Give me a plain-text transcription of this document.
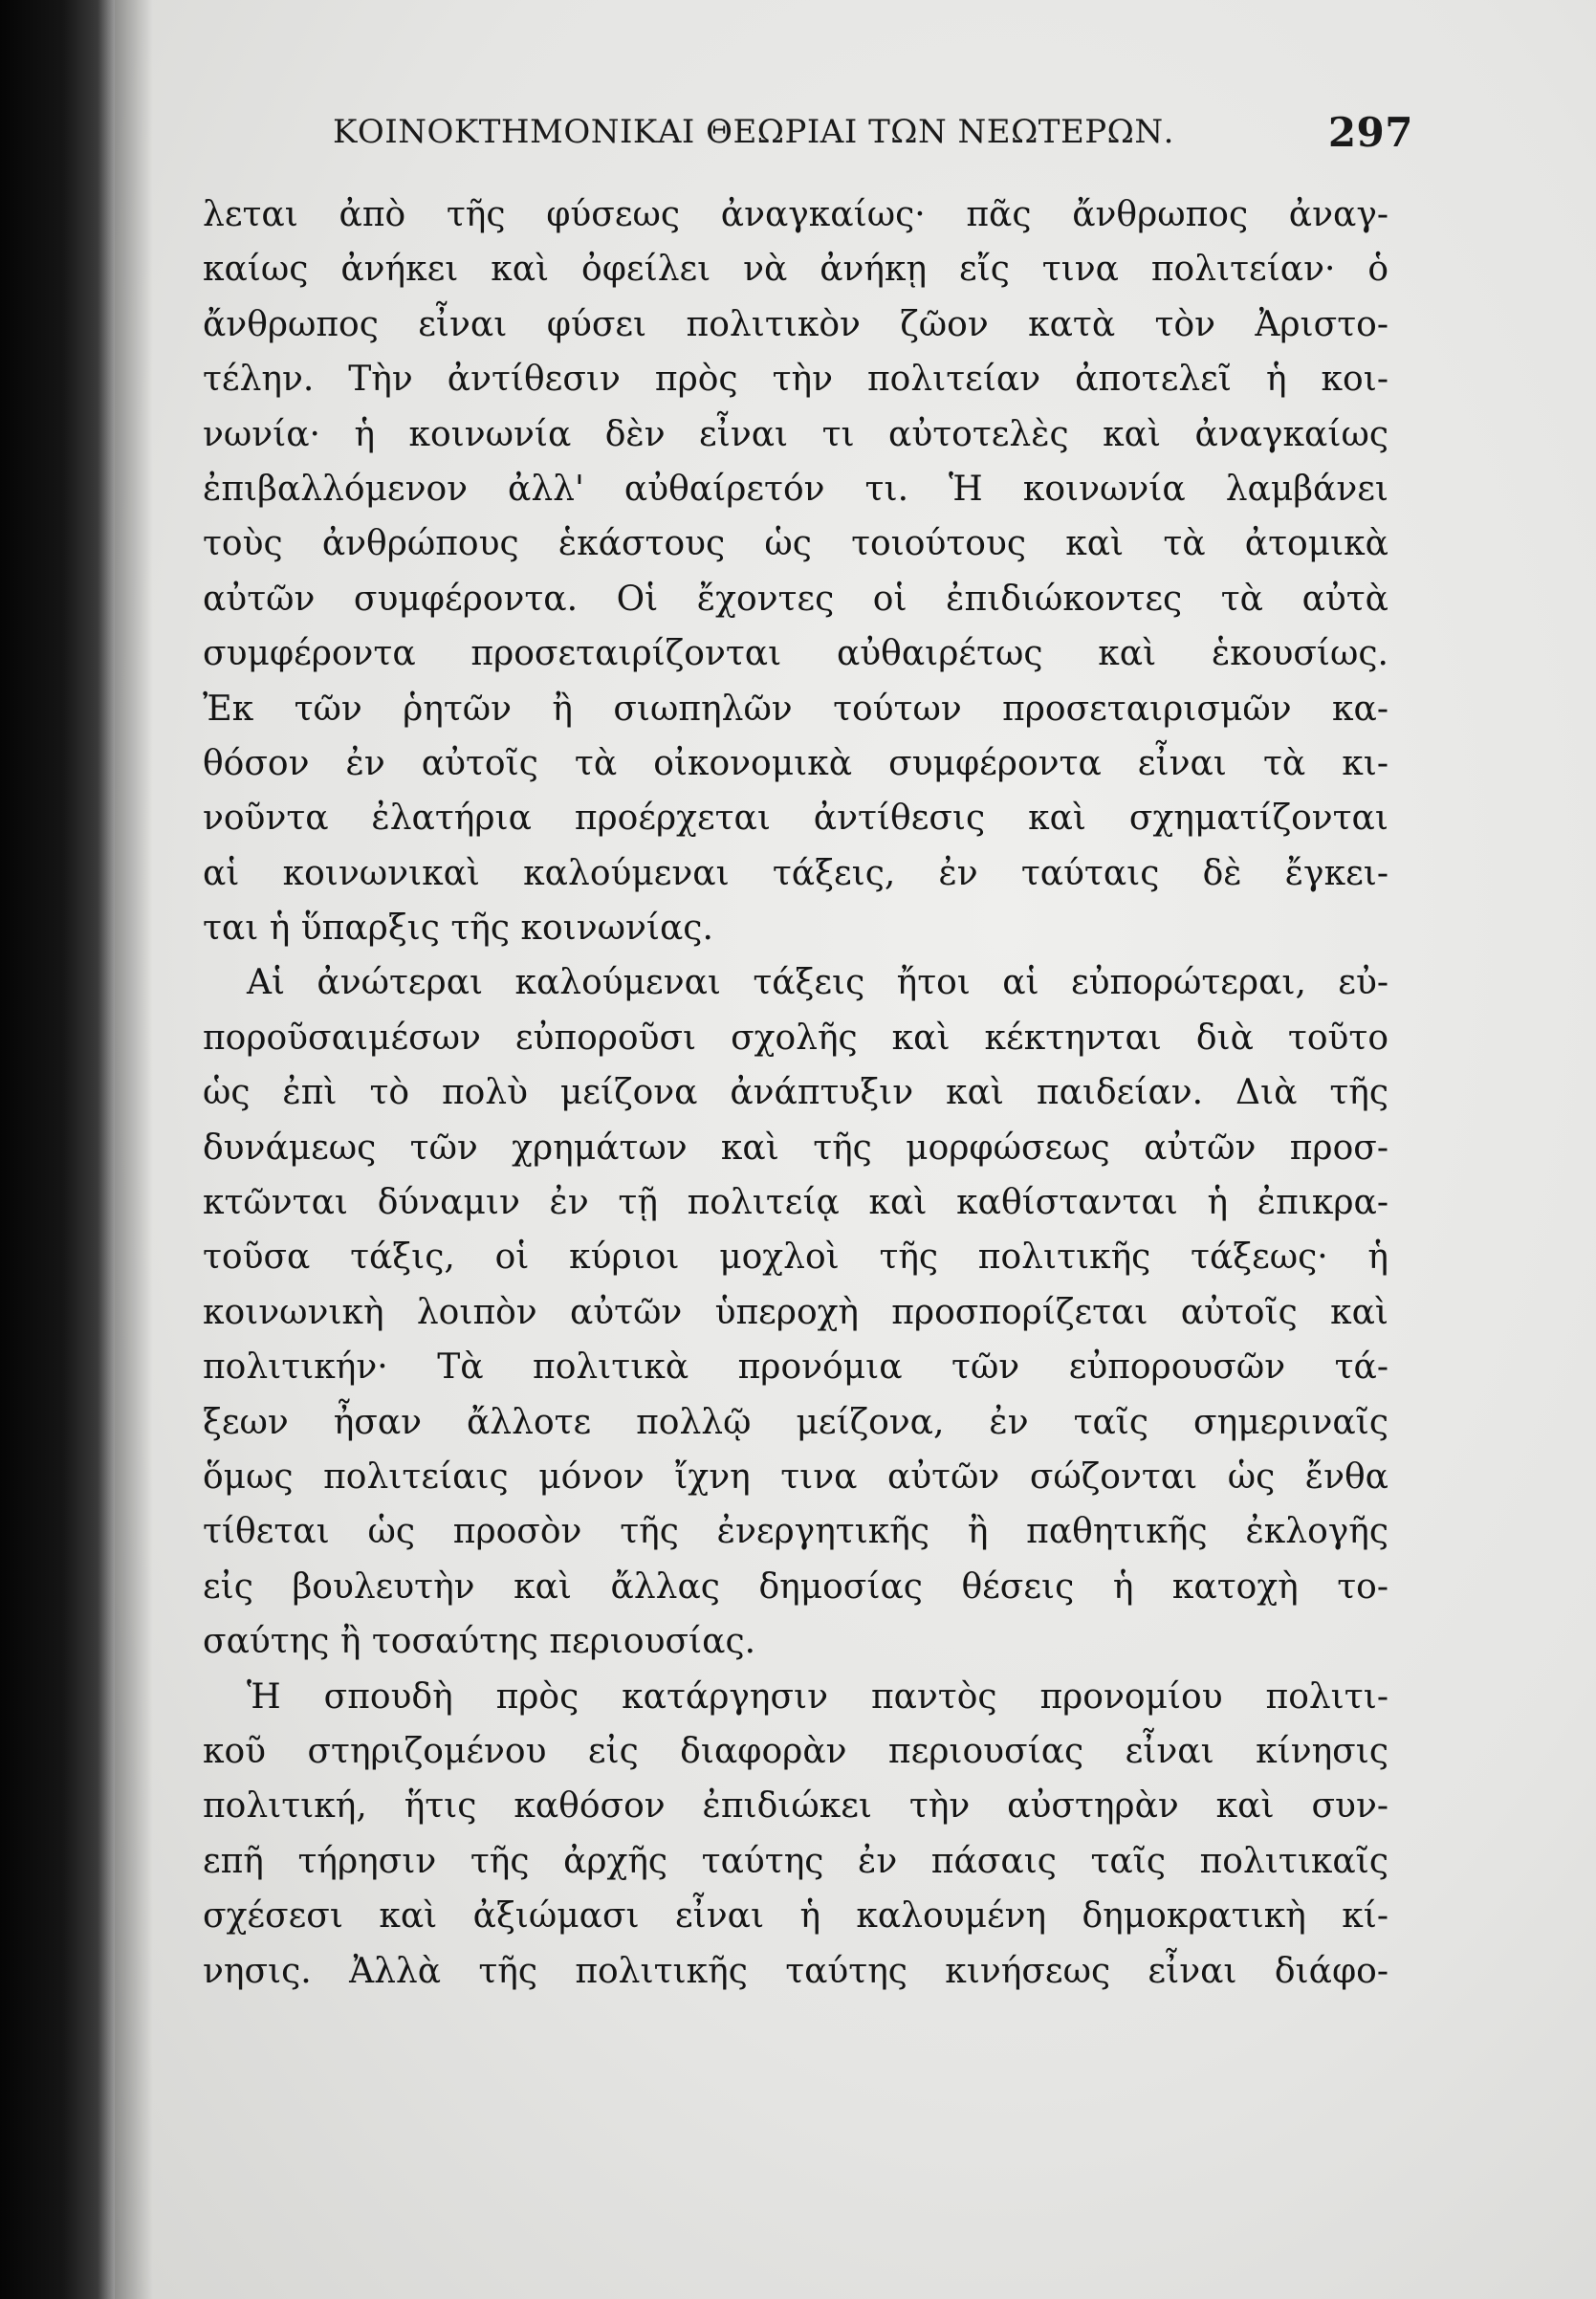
ΚΟΙΝΟΚΤΗΜΟΝΙΚΑΙ ΘΕΩΡΙΑΙ ΤΩΝ ΝΕΩΤΕΡΩΝ.	297
λεται ἀπὸ τῆς φύσεως ἀναγκαίως· πᾶς ἄνθρωπος ἀναγ-
καίως ἀνήκει καὶ ὀφείλει νὰ ἀνήκῃ εἴς τινα πολιτείαν· ὁ
ἄνθρωπος εἶναι φύσει πολιτικὸν ζῶον κατὰ τὸν Ἀριστο-
τέλην. Τὴν ἀντίθεσιν πρὸς τὴν πολιτείαν ἀποτελεῖ ἡ κοι-
νωνία· ἡ κοινωνία δὲν εἶναι τι αὐτοτελὲς καὶ ἀναγκαίως
ἐπιβαλλόμενον ἀλλ' αὐθαίρετόν τι. Ἡ κοινωνία λαμβάνει
τοὺς ἀνθρώπους ἑκάστους ὡς τοιούτους καὶ τὰ ἀτομικὰ
αὐτῶν συμφέροντα. Οἱ ἔχοντες οἱ ἐπιδιώκοντες τὰ αὐτὰ
συμφέροντα προσεταιρίζονται αὐθαιρέτως καὶ ἑκουσίως.
Ἐκ τῶν ῥητῶν ἢ σιωπηλῶν τούτων προσεταιρισμῶν κα-
θόσον ἐν αὐτοῖς τὰ οἰκονομικὰ συμφέροντα εἶναι τὰ κι-
νοῦντα ἐλατήρια προέρχεται ἀντίθεσις καὶ σχηματίζονται
αἱ κοινωνικαὶ καλούμεναι τάξεις, ἐν ταύταις δὲ ἔγκει-
ται ἡ ὕπαρξις τῆς κοινωνίας.
Αἱ ἀνώτεραι καλούμεναι τάξεις ἤτοι αἱ εὐπορώτεραι, εὐ-
ποροῦσαιμέσων εὐποροῦσι σχολῆς καὶ κέκτηνται διὰ τοῦτο
ὡς ἐπὶ τὸ πολὺ μείζονα ἀνάπτυξιν καὶ παιδείαν. Διὰ τῆς
δυνάμεως τῶν χρημάτων καὶ τῆς μορφώσεως αὐτῶν προσ-
κτῶνται δύναμιν ἐν τῇ πολιτείᾳ καὶ καθίστανται ἡ ἐπικρα-
τοῦσα τάξις, οἱ κύριοι μοχλοὶ τῆς πολιτικῆς τάξεως· ἡ
κοινωνικὴ λοιπὸν αὐτῶν ὑπεροχὴ προσπορίζεται αὐτοῖς καὶ
πολιτικήν· Τὰ πολιτικὰ προνόμια τῶν εὐπορουσῶν τά-
ξεων ἦσαν ἄλλοτε πολλῷ μείζονα, ἐν ταῖς σημεριναῖς
ὅμως πολιτείαις μόνον ἴχνη τινα αὐτῶν σώζονται ὡς ἔνθα
τίθεται ὡς προσὸν τῆς ἐνεργητικῆς ἢ παθητικῆς ἐκλογῆς
εἰς βουλευτὴν καὶ ἄλλας δημοσίας θέσεις ἡ κατοχὴ το-
σαύτης ἢ τοσαύτης περιουσίας.
Ἡ σπουδὴ πρὸς κατάργησιν παντὸς προνομίου πολιτι-
κοῦ στηριζομένου εἰς διαφορὰν περιουσίας εἶναι κίνησις
πολιτική, ἥτις καθόσον ἐπιδιώκει τὴν αὐστηρὰν καὶ συν-
επῆ τήρησιν τῆς ἀρχῆς ταύτης ἐν πάσαις ταῖς πολιτικαῖς
σχέσεσι καὶ ἀξιώμασι εἶναι ἡ καλουμένη δημοκρατικὴ κί-
νησις. Ἀλλὰ τῆς πολιτικῆς ταύτης κινήσεως εἶναι διάφο-
